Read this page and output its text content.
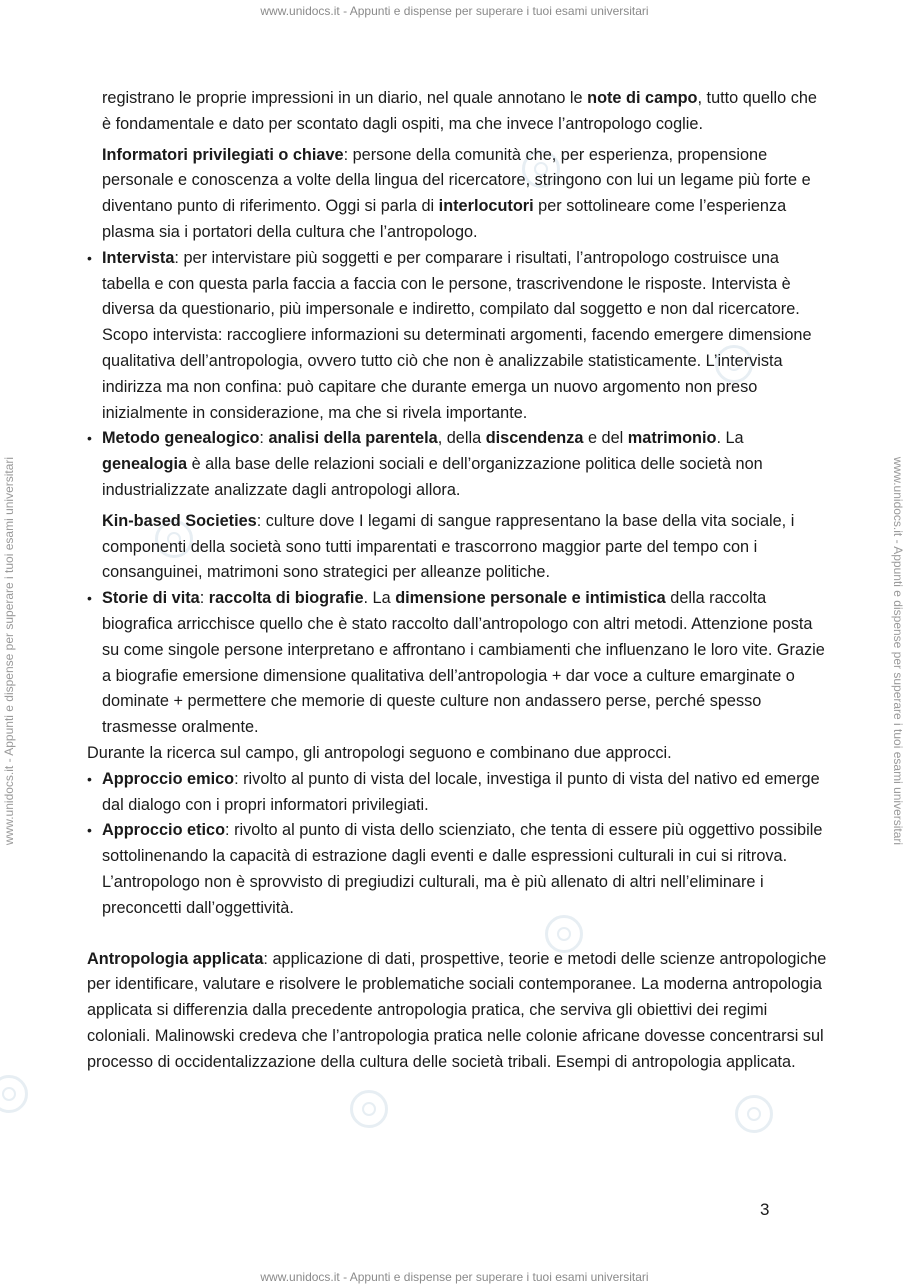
www.unidocs.it - Appunti e dispense per superare i tuoi esami universitari
www.unidocs.it - Appunti e dispense per superare i tuoi esami universitari	www.unidocs.it - Appunti e dispense per superare i tuoi esami universitari

registrano le proprie impressioni in un diario, nel quale annotano le note di campo, tutto quello che è fondamentale e dato per scontato dagli ospiti, ma che invece l’antropologo coglie.

Informatori privilegiati o chiave: persone della comunità che, per esperienza, propensione personale e conoscenza a volte della lingua del ricercatore, stringono con lui un legame più forte e diventano punto di riferimento. Oggi si parla di interlocutori per sottolineare come l’esperienza plasma sia i portatori della cultura che l’antropologo.

• Intervista: per intervistare più soggetti e per comparare i risultati, l’antropologo costruisce una tabella e con questa parla faccia a faccia con le persone, trascrivendone le risposte. Intervista è diversa da questionario, più impersonale e indiretto, compilato dal soggetto e non dal ricercatore. Scopo intervista: raccogliere informazioni su determinati argomenti, facendo emergere dimensione qualitativa dell’antropologia, ovvero tutto ciò che non è analizzabile statisticamente. L’intervista indirizza ma non confina: può capitare che durante emerga un nuovo argomento non preso inizialmente in considerazione, ma che si rivela importante.

• Metodo genealogico: analisi della parentela, della discendenza e del matrimonio. La genealogia è alla base delle relazioni sociali e dell’organizzazione politica delle società non industrializzate analizzate dagli antropologi allora.

Kin-based Societies: culture dove I legami di sangue rappresentano la base della vita sociale, i componenti della società sono tutti imparentati e trascorrono maggior parte del tempo con i consanguinei, matrimoni sono strategici per alleanze politiche.

• Storie di vita: raccolta di biografie. La dimensione personale e intimistica della raccolta biografica arricchisce quello che è stato raccolto dall’antropologo con altri metodi. Attenzione posta su come singole persone interpretano e affrontano i cambiamenti che influenzano le loro vite. Grazie a biografie emersione dimensione qualitativa dell’antropologia + dar voce a culture emarginate o dominate + permettere che memorie di queste culture non andassero perse, perché spesso trasmesse oralmente.

Durante la ricerca sul campo, gli antropologi seguono e combinano due approcci.

• Approccio emico: rivolto al punto di vista del locale, investiga il punto di vista del nativo ed emerge dal dialogo con i propri informatori privilegiati.

• Approccio etico: rivolto al punto di vista dello scienziato, che tenta di essere più oggettivo possibile sottolinenando la capacità di estrazione dagli eventi e dalle espressioni culturali in cui si ritrova. L’antropologo non è sprovvisto di pregiudizi culturali, ma è più allenato di altri nell’eliminare i preconcetti dall’oggettività.

Antropologia applicata: applicazione di dati, prospettive, teorie e metodi delle scienze antropologiche per identificare, valutare e risolvere le problematiche sociali contemporanee. La moderna antropologia applicata si differenzia dalla precedente antropologia pratica, che serviva gli obiettivi dei regimi coloniali. Malinowski credeva che l’antropologia pratica nelle colonie africane dovesse concentrarsi sul processo di occidentalizzazione della cultura delle società tribali. Esempi di antropologia applicata.

3
www.unidocs.it - Appunti e dispense per superare i tuoi esami universitari
